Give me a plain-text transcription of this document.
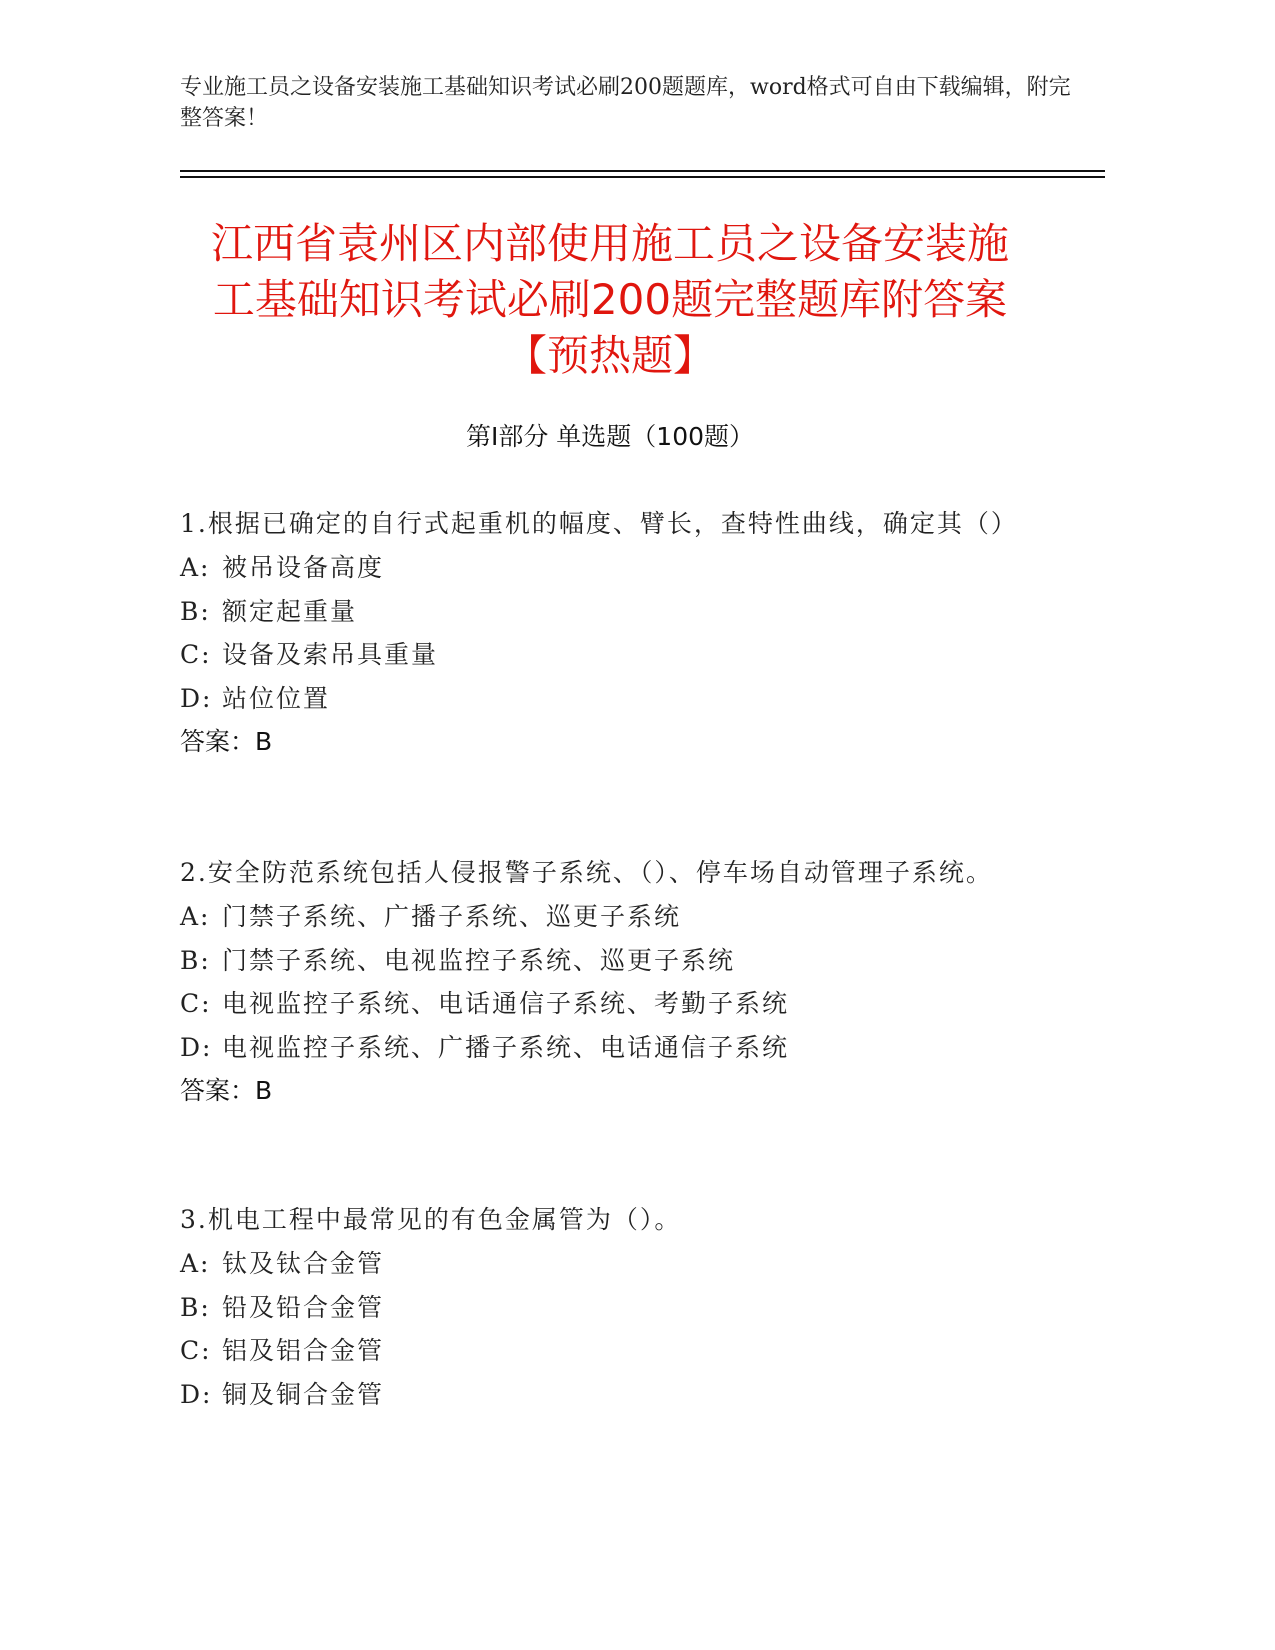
专业施工员之设备安装施工基础知识考试必刷200题题库，word格式可自由下载编辑，附完整答案！
江西省袁州区内部使用施工员之设备安装施
工基础知识考试必刷200题完整题库附答案
【预热题】
第Ⅰ部分 单选题（100题）
1.根据已确定的自行式起重机的幅度、臂长，查特性曲线，确定其（）
A: 被吊设备高度
B: 额定起重量
C: 设备及索吊具重量
D: 站位位置
答案：B
2.安全防范系统包括人侵报警子系统、（）、停车场自动管理子系统。
A: 门禁子系统、广播子系统、巡更子系统
B: 门禁子系统、电视监控子系统、巡更子系统
C: 电视监控子系统、电话通信子系统、考勤子系统
D: 电视监控子系统、广播子系统、电话通信子系统
答案：B
3.机电工程中最常见的有色金属管为（）。
A: 钛及钛合金管
B: 铅及铅合金管
C: 铝及铝合金管
D: 铜及铜合金管
